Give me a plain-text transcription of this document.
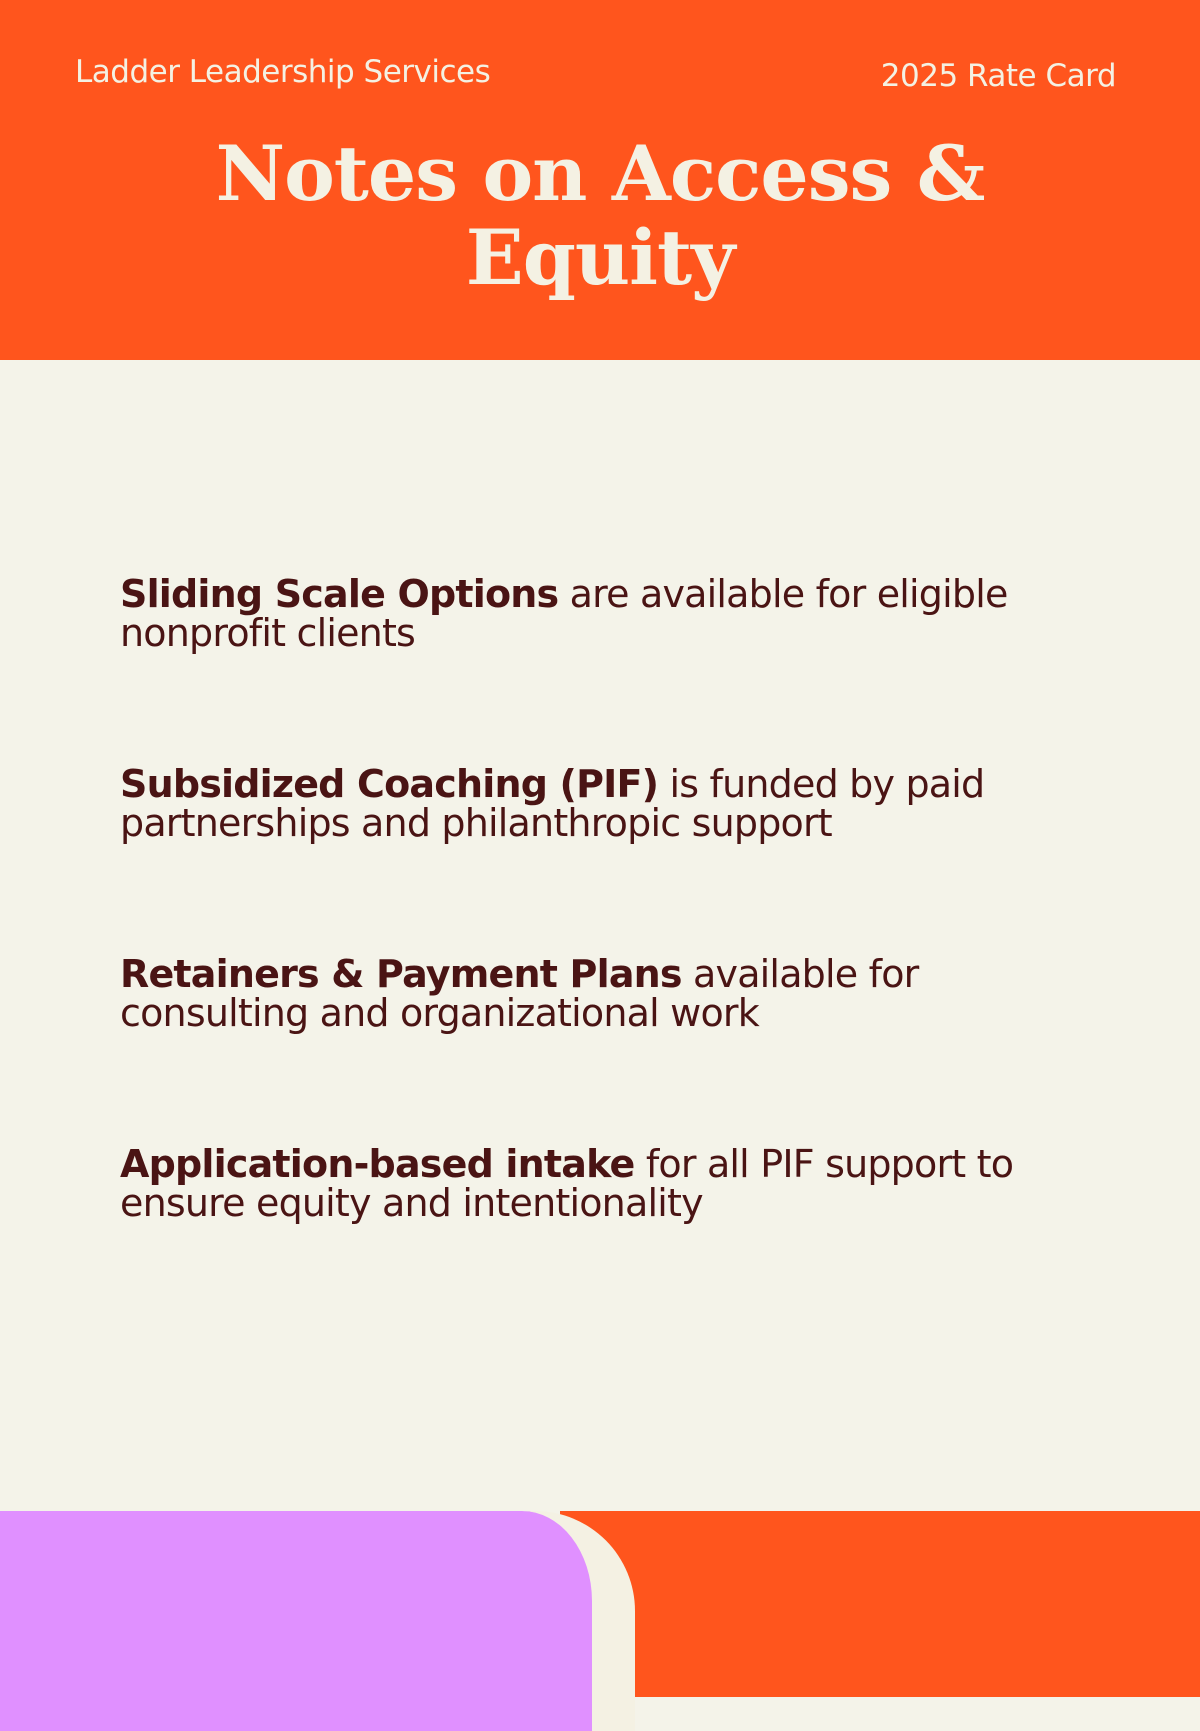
Ladder Leadership Services	2025 Rate Card
Notes on Access & Equity

Sliding Scale Options are available for eligible nonprofit clients

Subsidized Coaching (PIF) is funded by paid partnerships and philanthropic support

Retainers & Payment Plans available for consulting and organizational work

Application-based intake for all PIF support to ensure equity and intentionality
